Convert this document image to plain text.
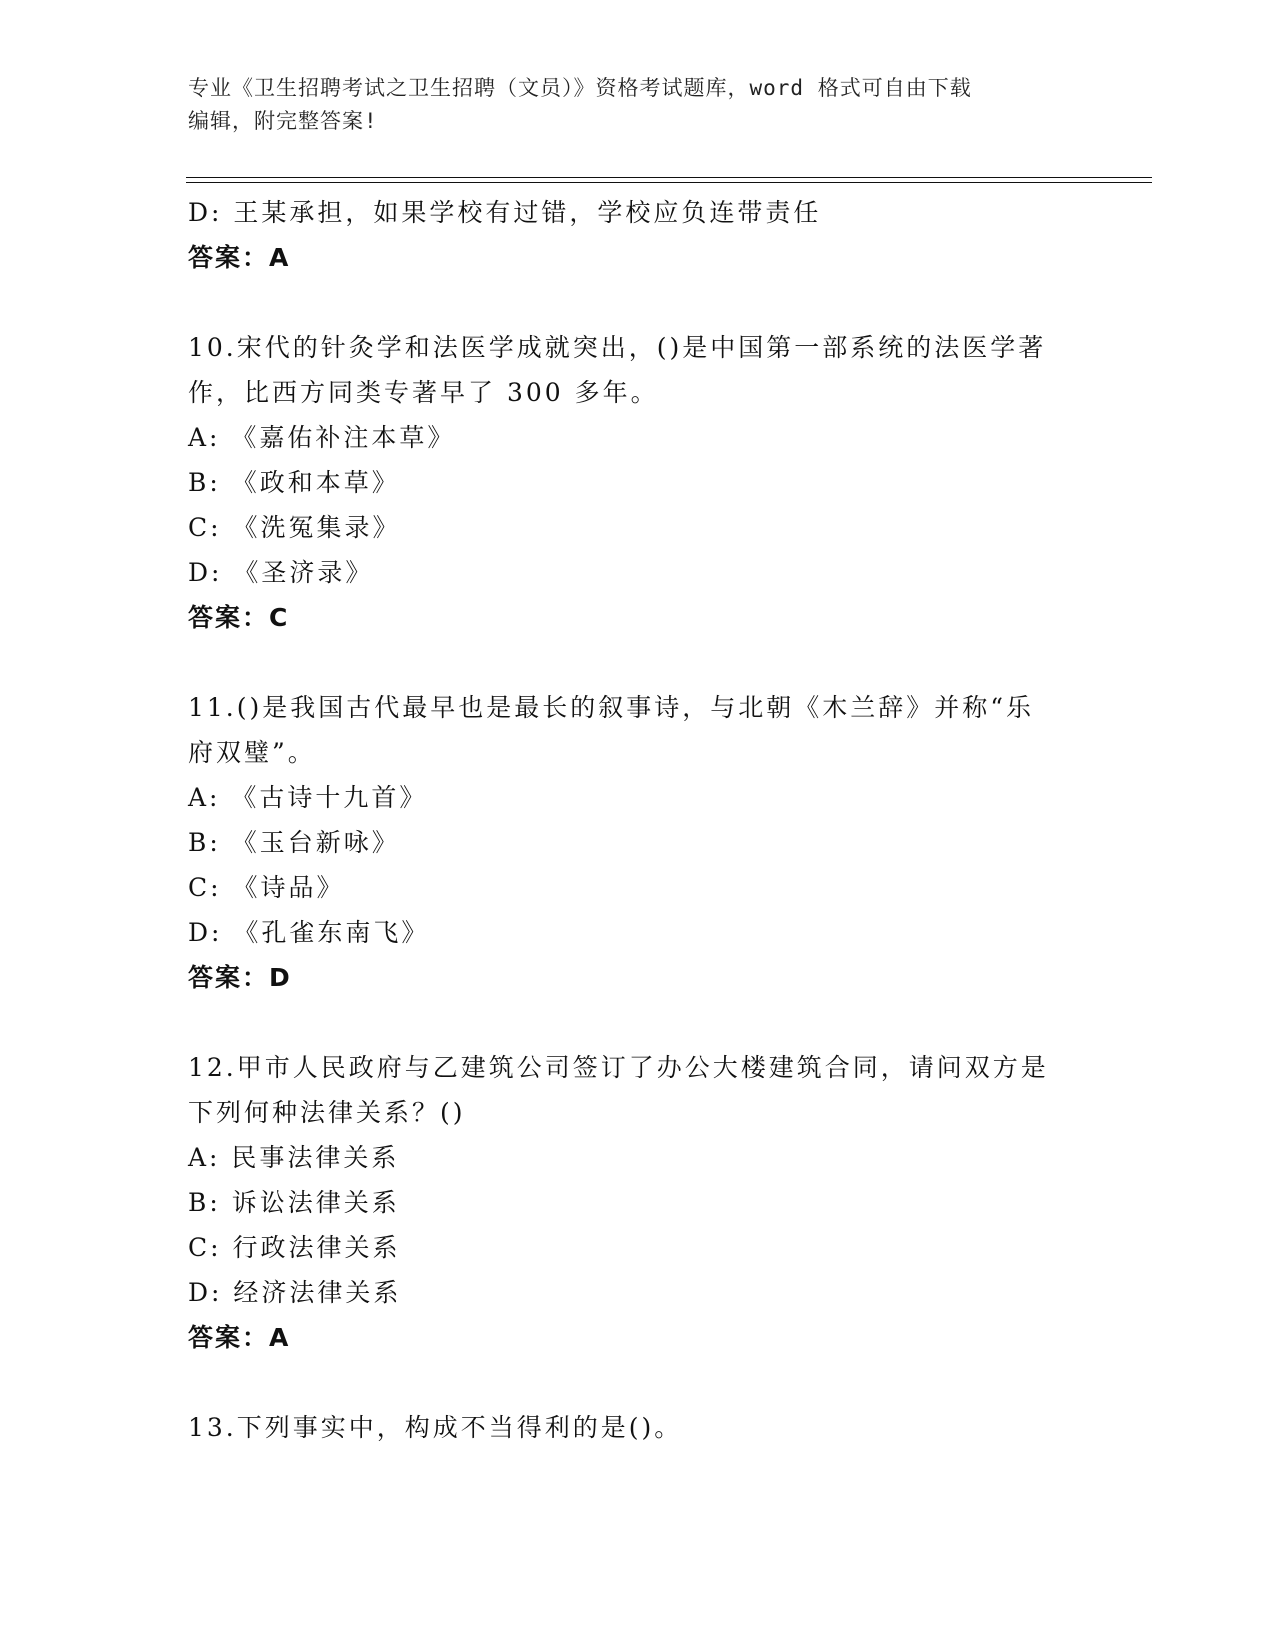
专业《卫生招聘考试之卫生招聘（文员）》资格考试题库，word 格式可自由下载
编辑，附完整答案!
D: 王某承担，如果学校有过错，学校应负连带责任
答案：A
10.宋代的针灸学和法医学成就突出，()是中国第一部系统的法医学著
作，比西方同类专著早了 300 多年。
A: 《嘉佑补注本草》
B: 《政和本草》
C: 《洗冤集录》
D: 《圣济录》
答案：C
11.()是我国古代最早也是最长的叙事诗，与北朝《木兰辞》并称“乐
府双璧”。
A: 《古诗十九首》
B: 《玉台新咏》
C: 《诗品》
D: 《孔雀东南飞》
答案：D
12.甲市人民政府与乙建筑公司签订了办公大楼建筑合同，请问双方是
下列何种法律关系？()
A: 民事法律关系
B: 诉讼法律关系
C: 行政法律关系
D: 经济法律关系
答案：A
13.下列事实中，构成不当得利的是()。
